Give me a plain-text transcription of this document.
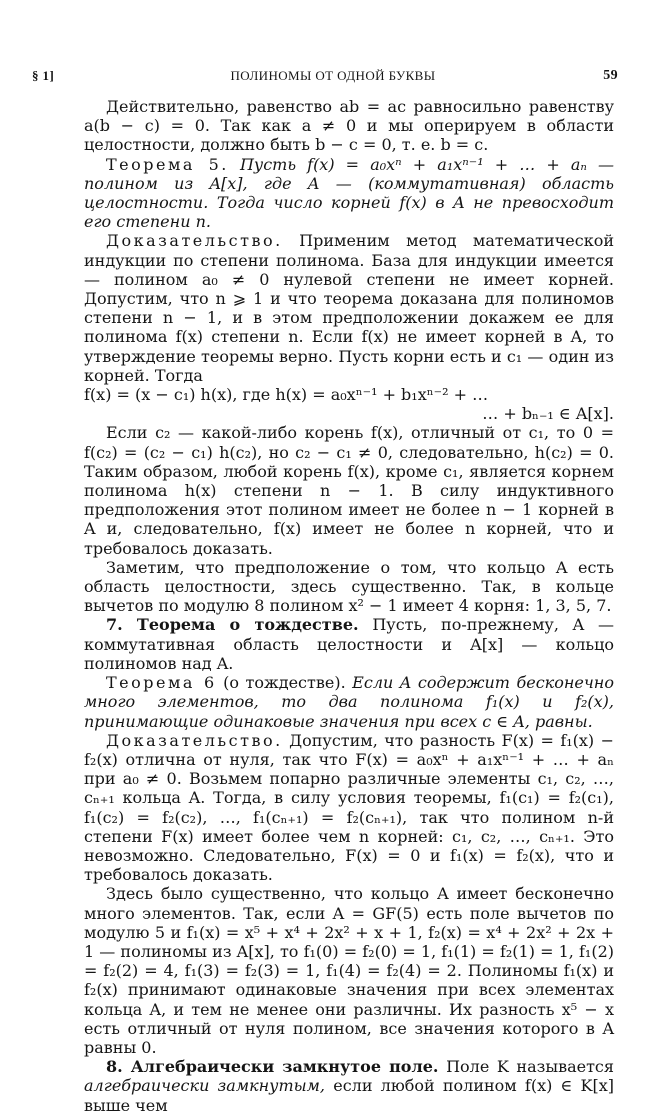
§ 1]	ПОЛИНОМЫ ОТ ОДНОЙ БУКВЫ	59

Действительно, равенство ab = ac равносильно равенству a(b − c) = 0. Так как a ≠ 0 и мы оперируем в области целостности, должно быть b − c = 0, т. е. b = c.

Теорема 5. Пусть f(x) = a₀xⁿ + a₁xⁿ⁻¹ + … + aₙ — полином из A[x], где A — (коммутативная) область целостности. Тогда число корней f(x) в A не превосходит его степени n.

Доказательство. Применим метод математической индукции по степени полинома. База для индукции имеется — полином a₀ ≠ 0 нулевой степени не имеет корней. Допустим, что n ⩾ 1 и что теорема доказана для полиномов степени n − 1, и в этом предположении докажем ее для полинома f(x) степени n. Если f(x) не имеет корней в A, то утверждение теоремы верно. Пусть корни есть и c₁ — один из корней. Тогда

f(x) = (x − c₁) h(x), где h(x) = a₀xⁿ⁻¹ + b₁xⁿ⁻² + …

… + bₙ₋₁ ∈ A[x].

Если c₂ — какой-либо корень f(x), отличный от c₁, то 0 = f(c₂) = (c₂ − c₁) h(c₂), но c₂ − c₁ ≠ 0, следовательно, h(c₂) = 0. Таким образом, любой корень f(x), кроме c₁, является корнем полинома h(x) степени n − 1. В силу индуктивного предположения этот полином имеет не более n − 1 корней в A и, следовательно, f(x) имеет не более n корней, что и требовалось доказать.

Заметим, что предположение о том, что кольцо A есть область целостности, здесь существенно. Так, в кольце вычетов по модулю 8 полином x² − 1 имеет 4 корня: 1, 3, 5, 7.

7. Теорема о тождестве. Пусть, по-прежнему, A — коммутативная область целостности и A[x] — кольцо полиномов над A.

Теорема 6 (о тождестве). Если A содержит бесконечно много элементов, то два полинома f₁(x) и f₂(x), принимающие одинаковые значения при всех c ∈ A, равны.

Доказательство. Допустим, что разность F(x) = f₁(x) − f₂(x) отлична от нуля, так что F(x) = a₀xⁿ + a₁xⁿ⁻¹ + … + aₙ при a₀ ≠ 0. Возьмем попарно различные элементы c₁, c₂, …, cₙ₊₁ кольца A. Тогда, в силу условия теоремы, f₁(c₁) = f₂(c₁), f₁(c₂) = f₂(c₂), …, f₁(cₙ₊₁) = f₂(cₙ₊₁), так что полином n-й степени F(x) имеет более чем n корней: c₁, c₂, …, cₙ₊₁. Это невозможно. Следовательно, F(x) = 0 и f₁(x) = f₂(x), что и требовалось доказать.

Здесь было существенно, что кольцо A имеет бесконечно много элементов. Так, если A = GF(5) есть поле вычетов по модулю 5 и f₁(x) = x⁵ + x⁴ + 2x² + x + 1, f₂(x) = x⁴ + 2x² + 2x + 1 — полиномы из A[x], то f₁(0) = f₂(0) = 1, f₁(1) = f₂(1) = 1, f₁(2) = f₂(2) = 4, f₁(3) = f₂(3) = 1, f₁(4) = f₂(4) = 2. Полиномы f₁(x) и f₂(x) принимают одинаковые значения при всех элементах кольца A, и тем не менее они различны. Их разность x⁵ − x есть отличный от нуля полином, все значения которого в A равны 0.

8. Алгебраически замкнутое поле. Поле K называется алгебраически замкнутым, если любой полином f(x) ∈ K[x] выше чем
